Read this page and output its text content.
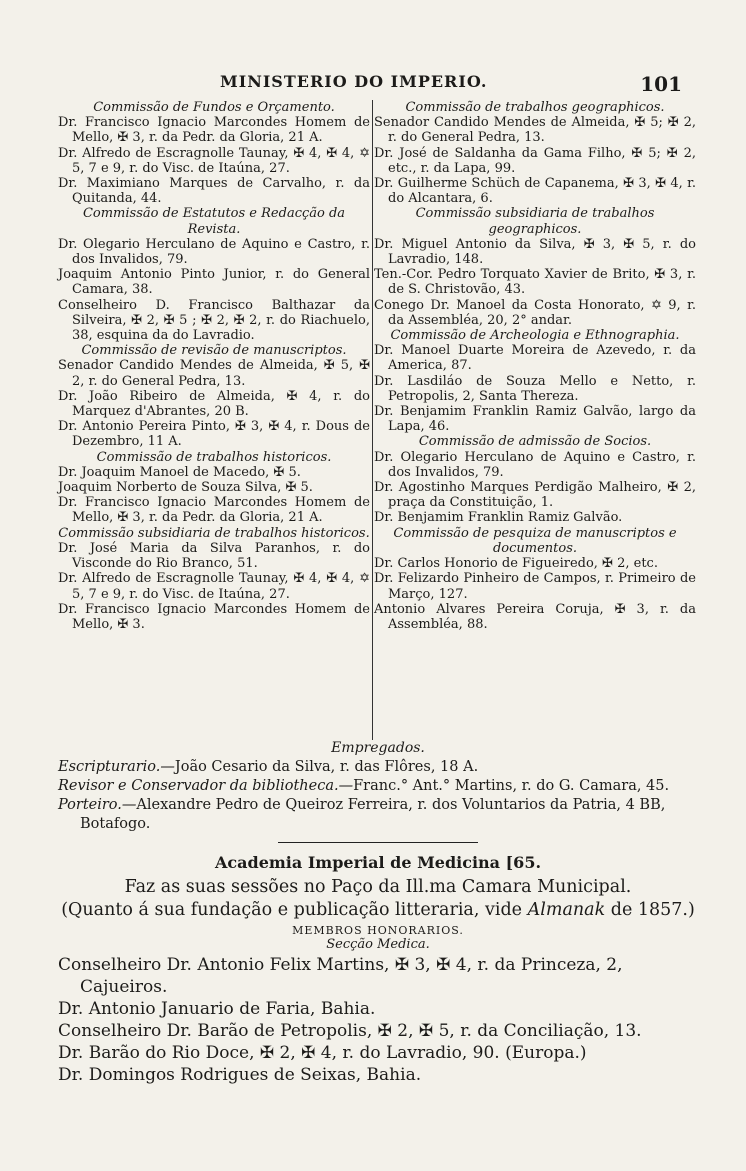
MINISTERIO DO IMPERIO.	101

Commissão de Fundos e Orçamento.

Dr. Francisco Ignacio Marcondes Homem de Mello, ✠ 3, r. da Pedr. da Gloria, 21 A.

Dr. Alfredo de Escragnolle Taunay, ✠ 4, ✠ 4, ✡ 5, 7 e 9, r. do Visc. de Itaúna, 27.

Dr. Maximiano Marques de Carvalho, r. da Quitanda, 44.

Commissão de Estatutos e Redacção da Revista.

Dr. Olegario Herculano de Aquino e Castro, r. dos Invalidos, 79.

Joaquim Antonio Pinto Junior, r. do General Camara, 38.

Conselheiro D. Francisco Balthazar da Silveira, ✠ 2, ✠ 5 ; ✠ 2, ✠ 2, r. do Riachuelo, 38, esquina da do Lavradio.

Commissão de revisão de manuscriptos.

Senador Candido Mendes de Almeida, ✠ 5, ✠ 2, r. do General Pedra, 13.

Dr. João Ribeiro de Almeida, ✠ 4, r. do Marquez d'Abrantes, 20 B.

Dr. Antonio Pereira Pinto, ✠ 3, ✠ 4, r. Dous de Dezembro, 11 A.

Commissão de trabalhos historicos.

Dr. Joaquim Manoel de Macedo, ✠ 5.

Joaquim Norberto de Souza Silva, ✠ 5.

Dr. Francisco Ignacio Marcondes Homem de Mello, ✠ 3, r. da Pedr. da Gloria, 21 A.

Commissão subsidiaria de trabalhos historicos.

Dr. José Maria da Silva Paranhos, r. do Visconde do Rio Branco, 51.

Dr. Alfredo de Escragnolle Taunay, ✠ 4, ✠ 4, ✡ 5, 7 e 9, r. do Visc. de Itaúna, 27.

Dr. Francisco Ignacio Marcondes Homem de Mello, ✠ 3.

Commissão de trabalhos geographicos.

Senador Candido Mendes de Almeida, ✠ 5; ✠ 2, r. do General Pedra, 13.

Dr. José de Saldanha da Gama Filho, ✠ 5; ✠ 2, etc., r. da Lapa, 99.

Dr. Guilherme Schüch de Capanema, ✠ 3, ✠ 4, r. do Alcantara, 6.

Commissão subsidiaria de trabalhos geographicos.

Dr. Miguel Antonio da Silva, ✠ 3, ✠ 5, r. do Lavradio, 148.

Ten.-Cor. Pedro Torquato Xavier de Brito, ✠ 3, r. de S. Christovão, 43.

Conego Dr. Manoel da Costa Honorato, ✡ 9, r. da Assembléa, 20, 2° andar.

Commissão de Archeologia e Ethnographia.

Dr. Manoel Duarte Moreira de Azevedo, r. da America, 87.

Dr. Lasdiláo de Souza Mello e Netto, r. Petropolis, 2, Santa Thereza.

Dr. Benjamim Franklin Ramiz Galvão, largo da Lapa, 46.

Commissão de admissão de Socios.

Dr. Olegario Herculano de Aquino e Castro, r. dos Invalidos, 79.

Dr. Agostinho Marques Perdigão Malheiro, ✠ 2, praça da Constituição, 1.

Dr. Benjamim Franklin Ramiz Galvão.

Commissão de pesquiza de manuscriptos e documentos.

Dr. Carlos Honorio de Figueiredo, ✠ 2, etc.

Dr. Felizardo Pinheiro de Campos, r. Primeiro de Março, 127.

Antonio Alvares Pereira Coruja, ✠ 3, r. da Assembléa, 88.

Empregados.

Escripturario.—João Cesario da Silva, r. das Flôres, 18 A.

Revisor e Conservador da bibliotheca.—Franc.° Ant.° Martins, r. do G. Camara, 45.

Porteiro.—Alexandre Pedro de Queiroz Ferreira, r. dos Voluntarios da Patria, 4 BB, Botafogo.

Academia Imperial de Medicina [65.

Faz as suas sessões no Paço da Ill.ma Camara Municipal.

(Quanto á sua fundação e publicação litteraria, vide Almanak de 1857.)

MEMBROS HONORARIOS.

Secção Medica.

Conselheiro Dr. Antonio Felix Martins, ✠ 3, ✠ 4, r. da Princeza, 2, Cajueiros.

Dr. Antonio Januario de Faria, Bahia.

Conselheiro Dr. Barão de Petropolis, ✠ 2, ✠ 5, r. da Conciliação, 13.

Dr. Barão do Rio Doce, ✠ 2, ✠ 4, r. do Lavradio, 90. (Europa.)

Dr. Domingos Rodrigues de Seixas, Bahia.
